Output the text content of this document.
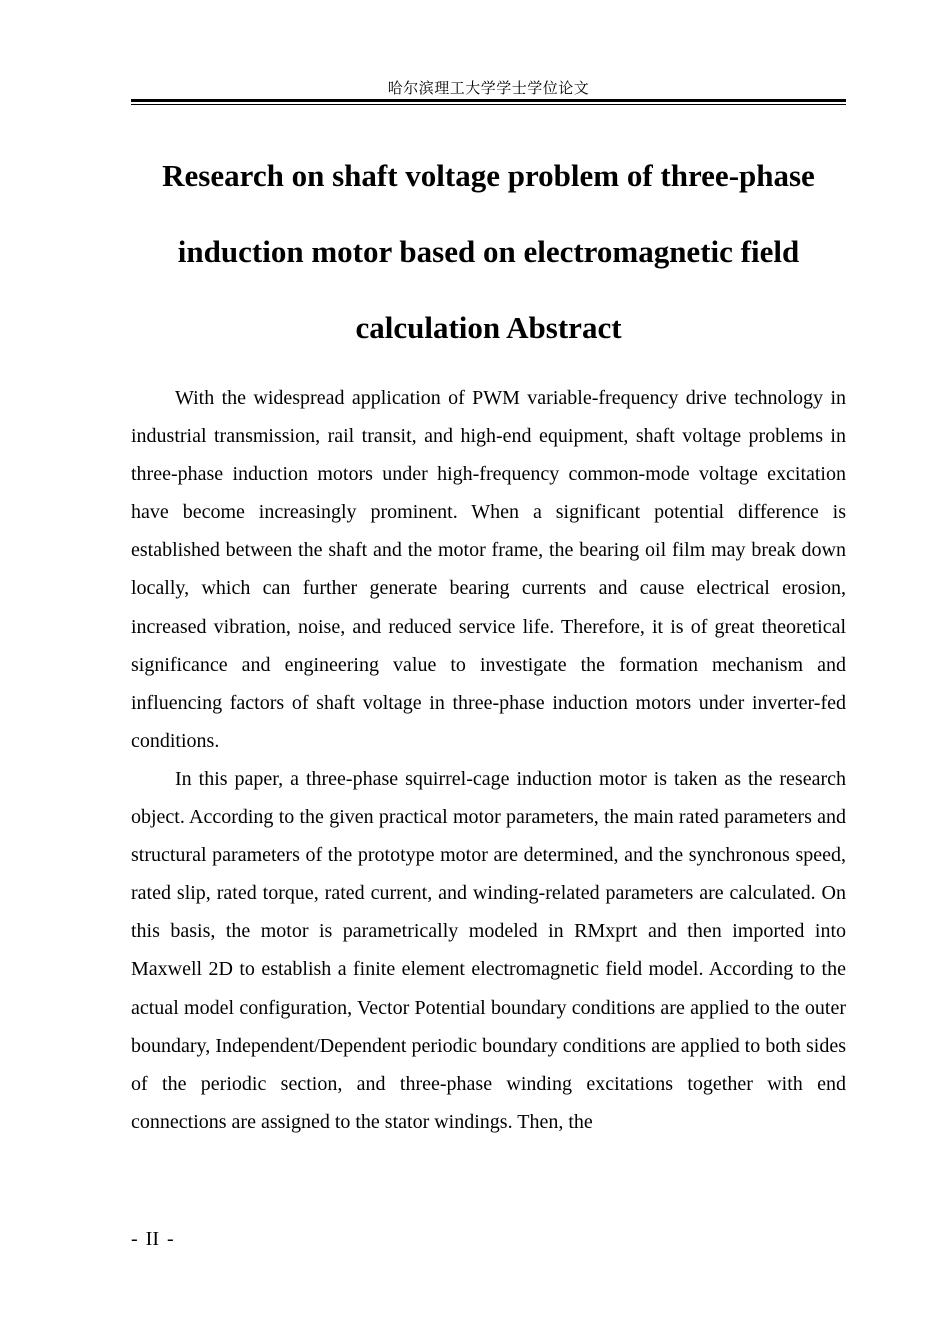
哈尔滨理工大学学士学位论文
Research on shaft voltage problem of three-phase induction motor based on electromagnetic field calculation Abstract

With the widespread application of PWM variable-frequency drive technology in industrial transmission, rail transit, and high-end equipment, shaft voltage problems in three-phase induction motors under high-frequency common-mode voltage excitation have become increasingly prominent. When a significant potential difference is established between the shaft and the motor frame, the bearing oil film may break down locally, which can further generate bearing currents and cause electrical erosion, increased vibration, noise, and reduced service life. Therefore, it is of great theoretical significance and engineering value to investigate the formation mechanism and influencing factors of shaft voltage in three-phase induction motors under inverter-fed conditions.

In this paper, a three-phase squirrel-cage induction motor is taken as the research object. According to the given practical motor parameters, the main rated parameters and structural parameters of the prototype motor are determined, and the synchronous speed, rated slip, rated torque, rated current, and winding-related parameters are calculated. On this basis, the motor is parametrically modeled in RMxprt and then imported into Maxwell 2D to establish a finite element electromagnetic field model. According to the actual model configuration, Vector Potential boundary conditions are applied to the outer boundary, Independent/Dependent periodic boundary conditions are applied to both sides of the periodic section, and three-phase winding excitations together with end connections are assigned to the stator windings. Then, the

- II -
